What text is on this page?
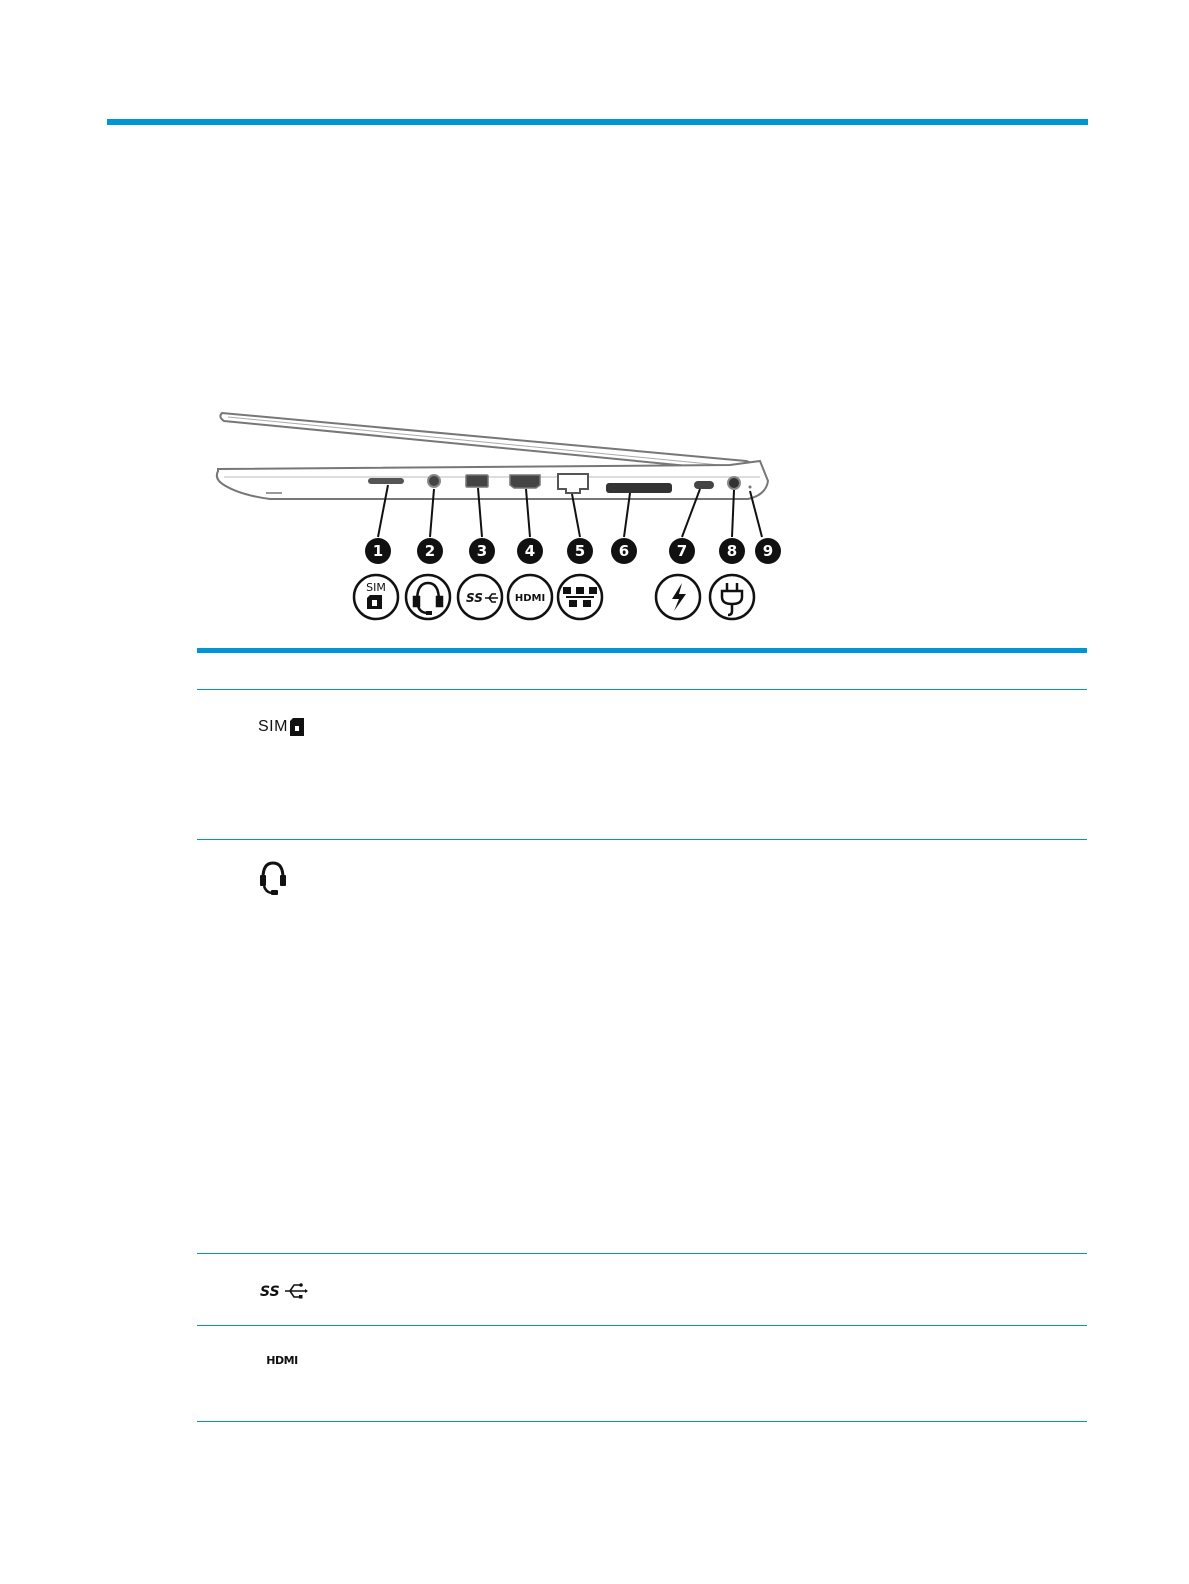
1	2	3	4	5 6	7	8 9
SIM
SS	HDMI
SIM
SS
HDMI
